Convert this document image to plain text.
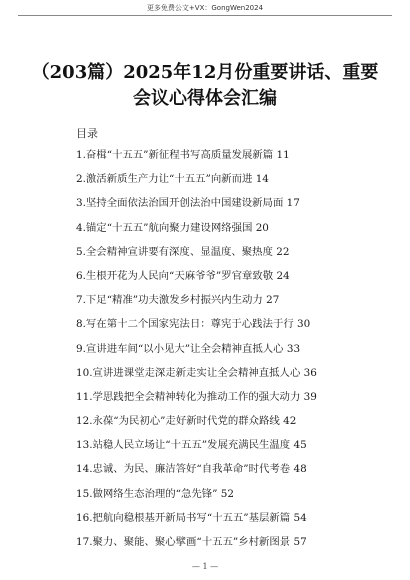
更多免费公文+VX：GongWen2024
（203篇）2025年12月份重要讲话、重要会议心得体会汇编
目录
1.奋楫“十五五”新征程书写高质量发展新篇 11
2.激活新质生产力让“十五五”向新而进 14
3.坚持全面依法治国开创法治中国建设新局面 17
4.锚定“十五五”航向聚力建设网络强国 20
5.全会精神宣讲要有深度、显温度、聚热度 22
6.生根开花为人民向“天麻爷爷”罗官章致敬 24
7.下足“精准”功夫激发乡村振兴内生动力 27
8.写在第十二个国家宪法日：尊宪于心践法于行 30
9.宣讲进车间“以小见大”让全会精神直抵人心 33
10.宣讲进课堂走深走新走实让全会精神直抵人心 36
11.学思践把全会精神转化为推动工作的强大动力 39
12.永葆“为民初心”走好新时代党的群众路线 42
13.站稳人民立场让“十五五”发展充满民生温度 45
14.忠诚、为民、廉洁答好“自我革命”时代考卷 48
15.做网络生态治理的“急先锋” 52
16.把航向稳根基开新局书写“十五五”基层新篇 54
17.聚力、聚能、聚心擘画“十五五”乡村新图景 57
— 1 —
